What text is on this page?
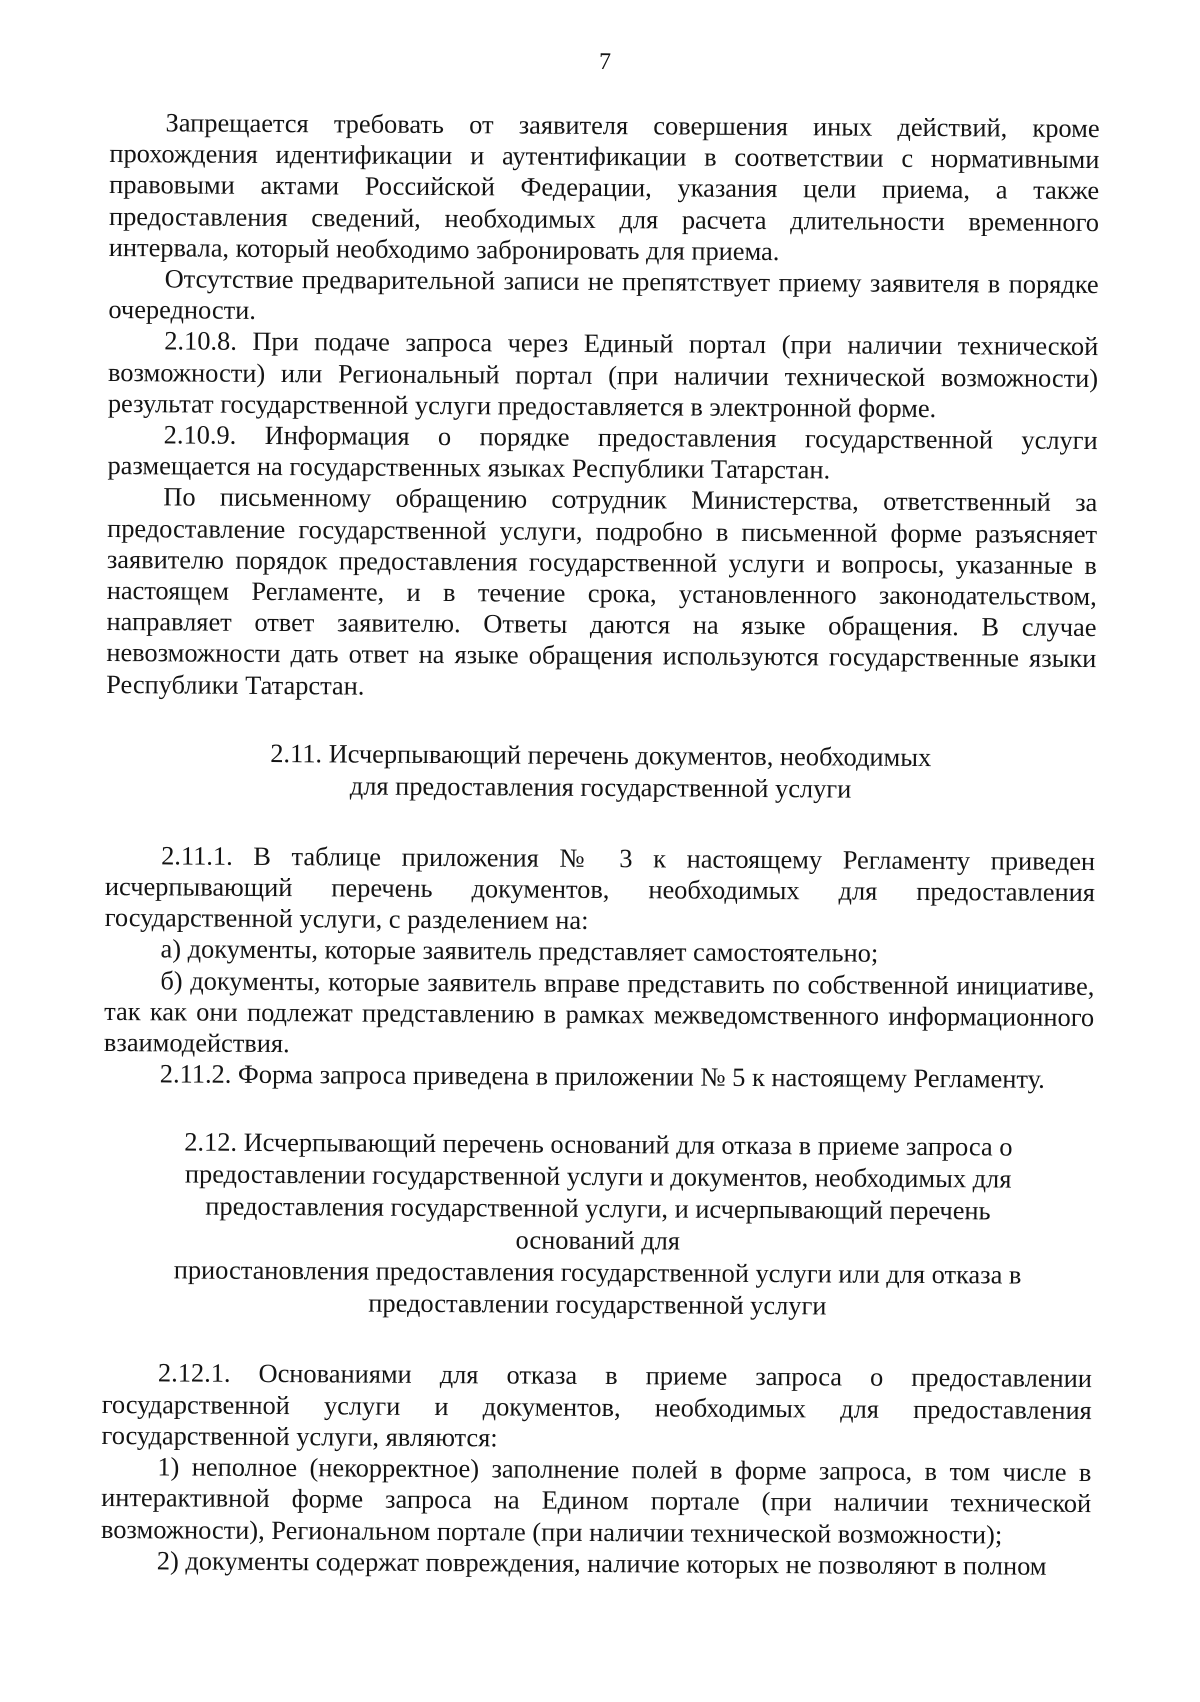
7

Запрещается требовать от заявителя совершения иных действий, кроме прохождения идентификации и аутентификации в соответствии с нормативными правовыми актами Российской Федерации, указания цели приема, а также предоставления сведений, необходимых для расчета длительности временного интервала, который необходимо забронировать для приема.

Отсутствие предварительной записи не препятствует приему заявителя в порядке очередности.

2.10.8. При подаче запроса через Единый портал (при наличии технической возможности) или Региональный портал (при наличии технической возможности) результат государственной услуги предоставляется в электронной форме.

2.10.9. Информация о порядке предоставления государственной услуги размещается на государственных языках Республики Татарстан.

По письменному обращению сотрудник Министерства, ответственный за предоставление государственной услуги, подробно в письменной форме разъясняет заявителю порядок предоставления государственной услуги и вопросы, указанные в настоящем Регламенте, и в течение срока, установленного законодательством, направляет ответ заявителю. Ответы даются на языке обращения. В случае невозможности дать ответ на языке обращения используются государственные языки Республики Татарстан.

2.11. Исчерпывающий перечень документов, необходимых
для предоставления государственной услуги

2.11.1. В таблице приложения № 3 к настоящему Регламенту приведен исчерпывающий перечень документов, необходимых для предоставления государственной услуги, с разделением на:

а) документы, которые заявитель представляет самостоятельно;

б) документы, которые заявитель вправе представить по собственной инициативе, так как они подлежат представлению в рамках межведомственного информационного взаимодействия.

2.11.2. Форма запроса приведена в приложении № 5 к настоящему Регламенту.

2.12. Исчерпывающий перечень оснований для отказа в приеме запроса о
предоставлении государственной услуги и документов, необходимых для
предоставления государственной услуги, и исчерпывающий перечень оснований для
приостановления предоставления государственной услуги или для отказа в
предоставлении государственной услуги

2.12.1. Основаниями для отказа в приеме запроса о предоставлении государственной услуги и документов, необходимых для предоставления государственной услуги, являются:

1) неполное (некорректное) заполнение полей в форме запроса, в том числе в интерактивной форме запроса на Едином портале (при наличии технической возможности), Региональном портале (при наличии технической возможности);

2) документы содержат повреждения, наличие которых не позволяют в полном
